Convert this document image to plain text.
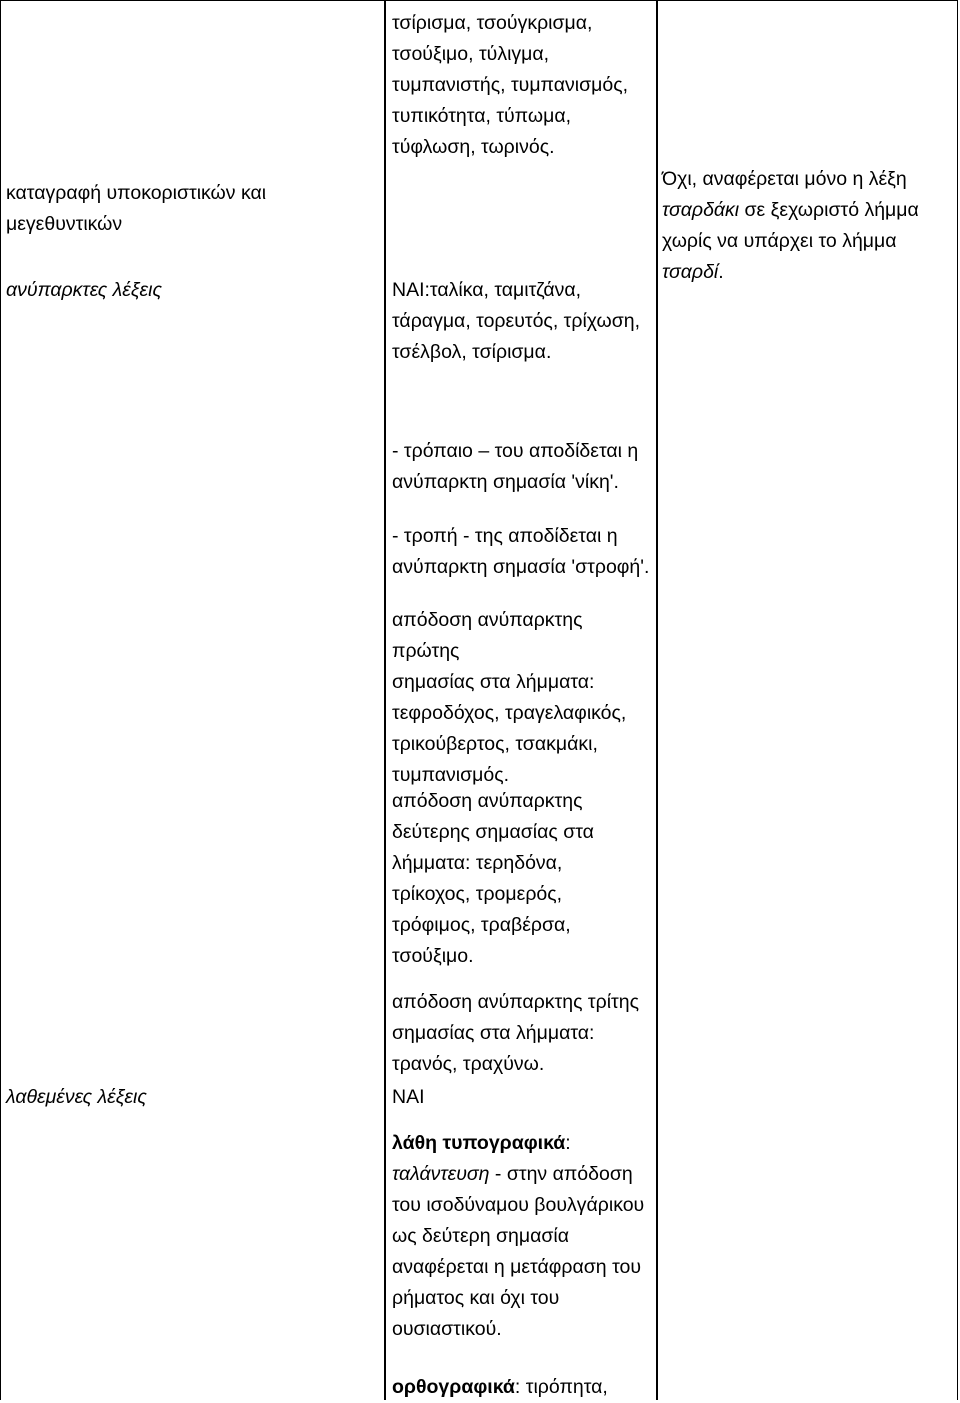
καταγραφή υποκοριστικών και μεγεθυντικών
ανύπαρκτες λέξεις
λαθεμένες λέξεις
τσίρισμα, τσούγκρισμα,
τσούξιμο, τύλιγμα,
τυμπανιστής, τυμπανισμός,
τυπικότητα, τύπωμα,
τύφλωση, τωρινός.
ΝΑΙ:ταλίκα, ταμιτζάνα,
τάραγμα, τορευτός, τρίχωση,
τσέλβολ, τσίρισμα.
- τρόπαιο – του αποδίδεται η
ανύπαρκτη σημασία 'νίκη'.
- τροπή - της αποδίδεται η
ανύπαρκτη σημασία 'στροφή'.
απόδοση ανύπαρκτης πρώτης
σημασίας στα λήμματα:
τεφροδόχος, τραγελαφικός,
τρικούβερτος, τσακμάκι,
τυμπανισμός.
απόδοση ανύπαρκτης
δεύτερης σημασίας στα
λήμματα: τερηδόνα,
τρίκοχος, τρομερός,
τρόφιμος, τραβέρσα,
τσούξιμο.
απόδοση ανύπαρκτης τρίτης
σημασίας στα λήμματα:
τρανός, τραχύνω.
ΝΑΙ
λάθη τυπογραφικά:
ταλάντευση - στην απόδοση
του ισοδύναμου βουλγάρικου
ως δεύτερη σημασία
αναφέρεται η μετάφραση του
ρήματος και όχι του
ουσιαστικού.
ορθογραφικά: τιρόπητα,
Όχι, αναφέρεται μόνο η λέξη
τσαρδάκι σε ξεχωριστό λήμμα
χωρίς να υπάρχει το λήμμα
τσαρδί.
